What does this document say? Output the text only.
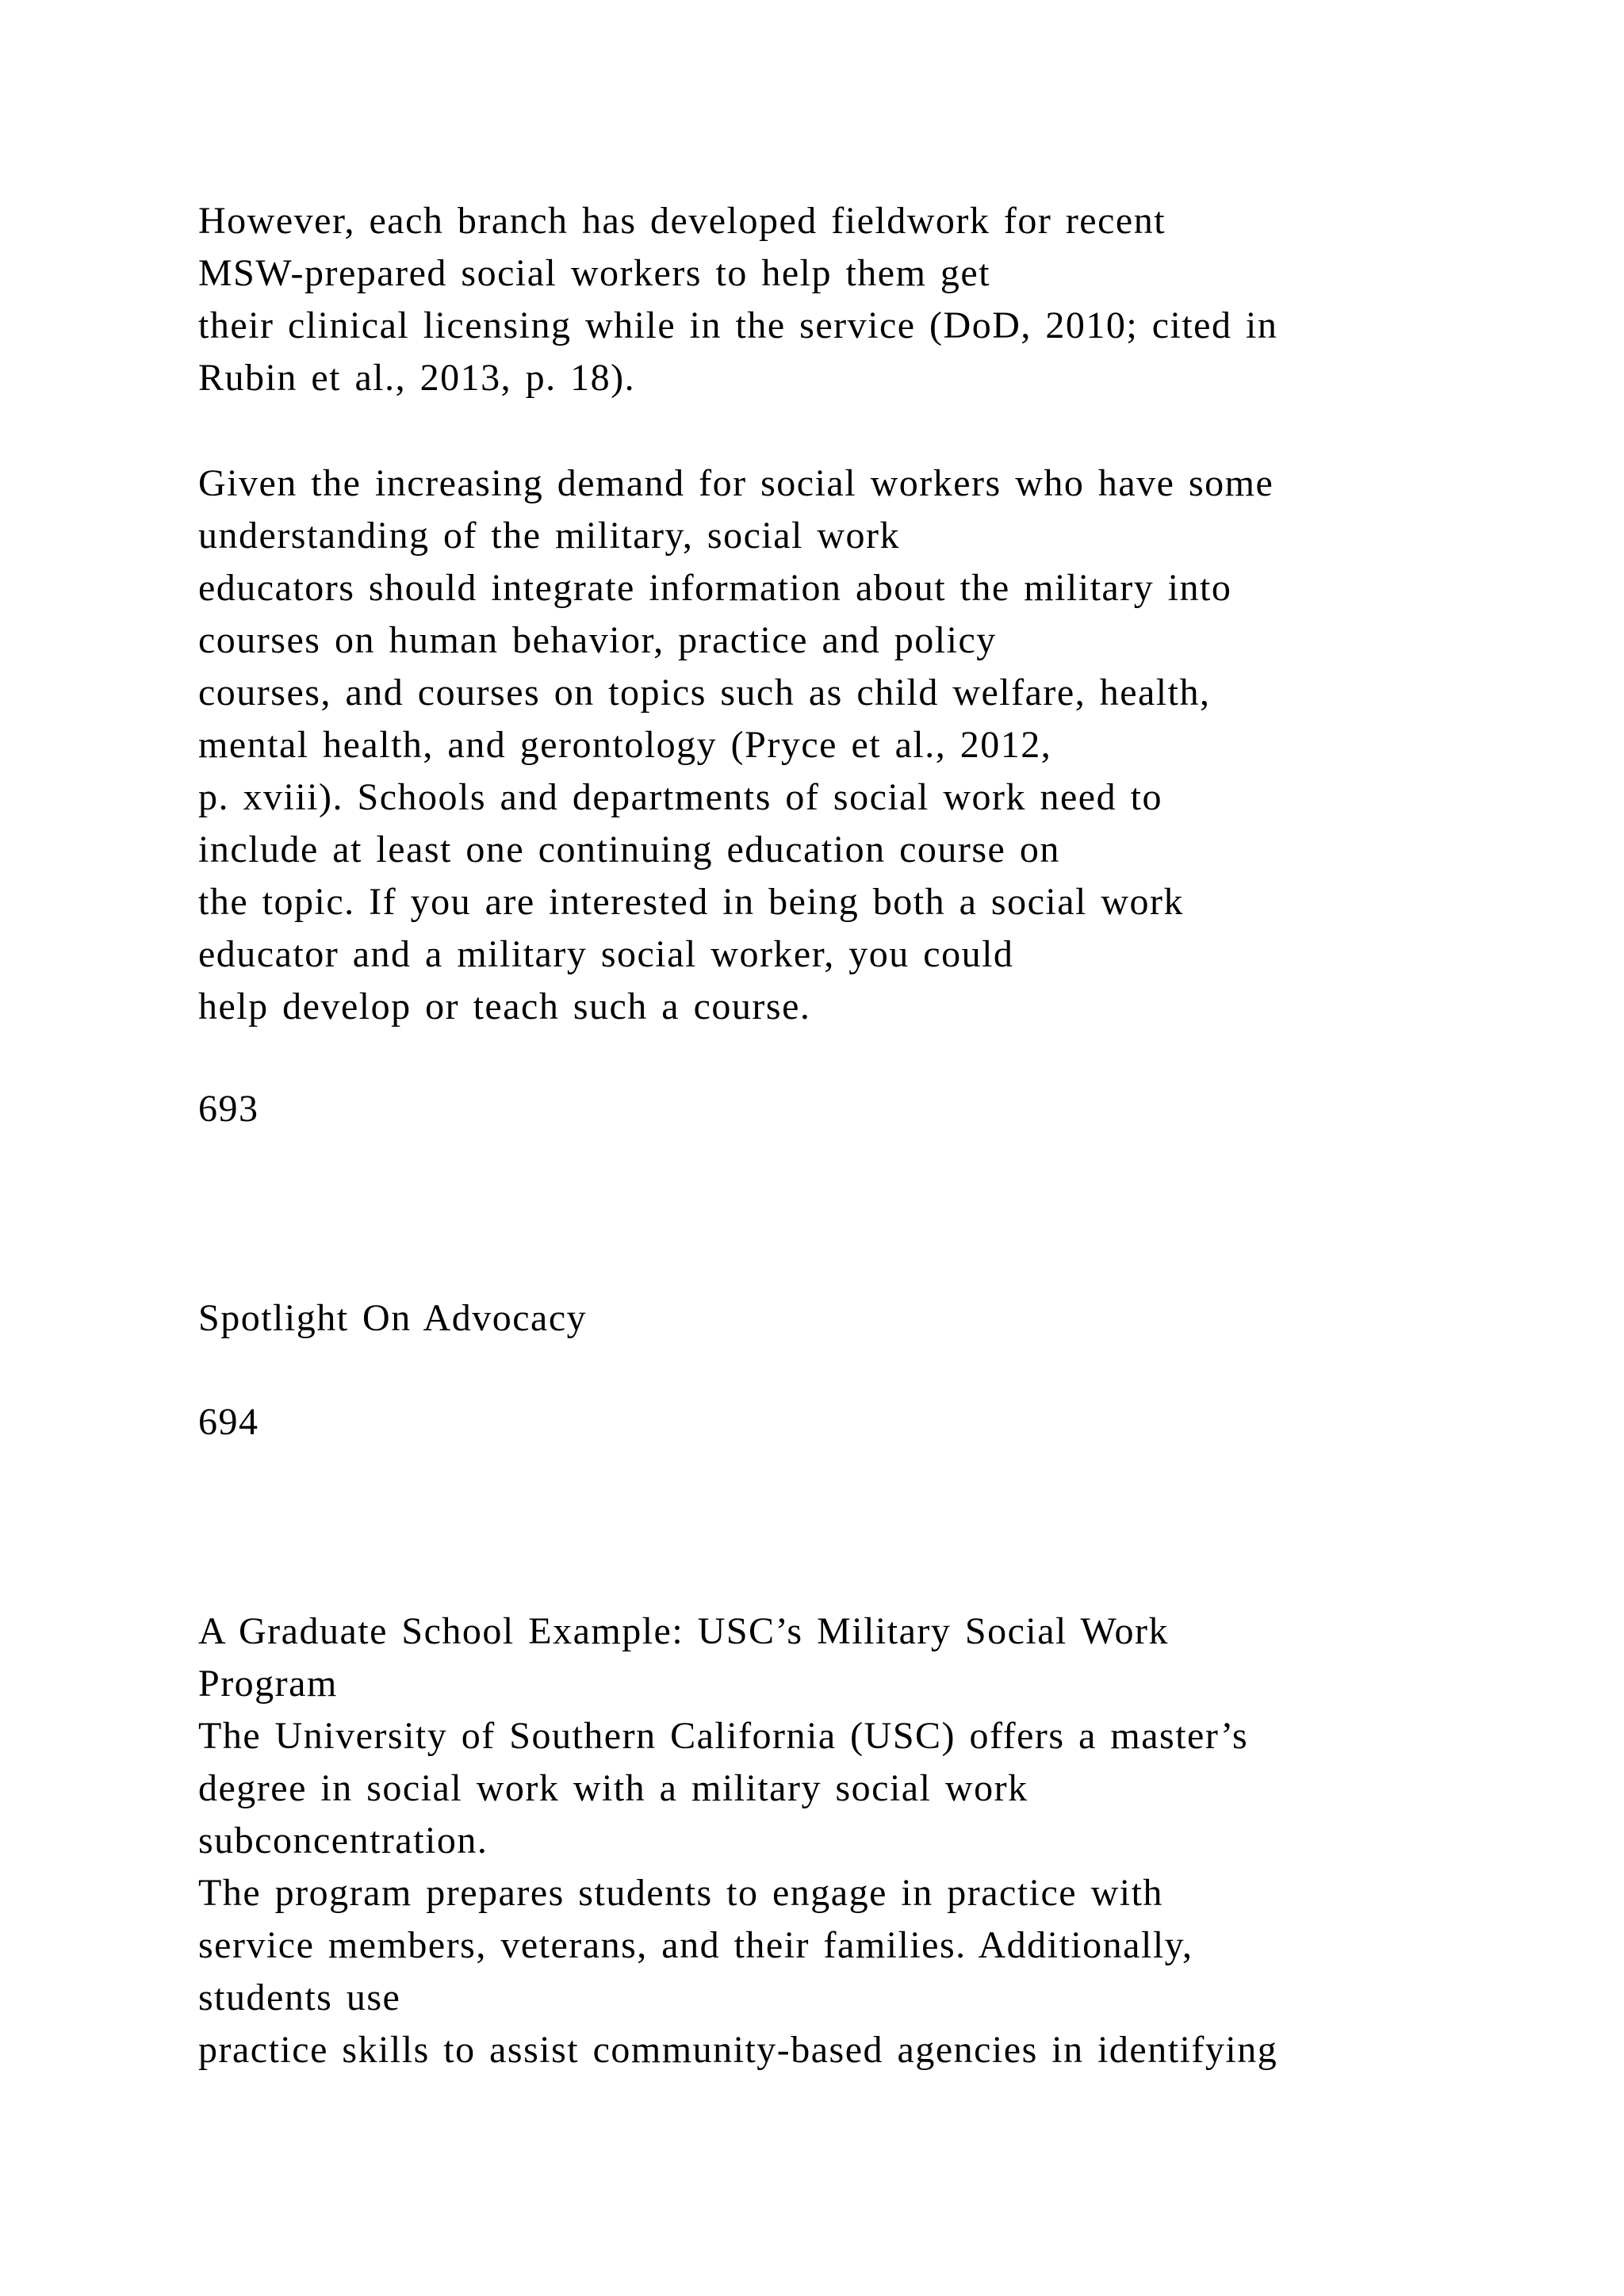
However, each branch has developed fieldwork for recent
MSW-prepared social workers to help them get
their clinical licensing while in the service (DoD, 2010; cited in
Rubin et al., 2013, p. 18).
Given the increasing demand for social workers who have some
understanding of the military, social work
educators should integrate information about the military into
courses on human behavior, practice and policy
courses, and courses on topics such as child welfare, health,
mental health, and gerontology (Pryce et al., 2012,
p. xviii). Schools and departments of social work need to
include at least one continuing education course on
the topic. If you are interested in being both a social work
educator and a military social worker, you could
help develop or teach such a course.
693
Spotlight On Advocacy
694
A Graduate School Example: USC’s Military Social Work
Program
The University of Southern California (USC) offers a master’s
degree in social work with a military social work
subconcentration.
The program prepares students to engage in practice with
service members, veterans, and their families. Additionally,
students use
practice skills to assist community-based agencies in identifying
